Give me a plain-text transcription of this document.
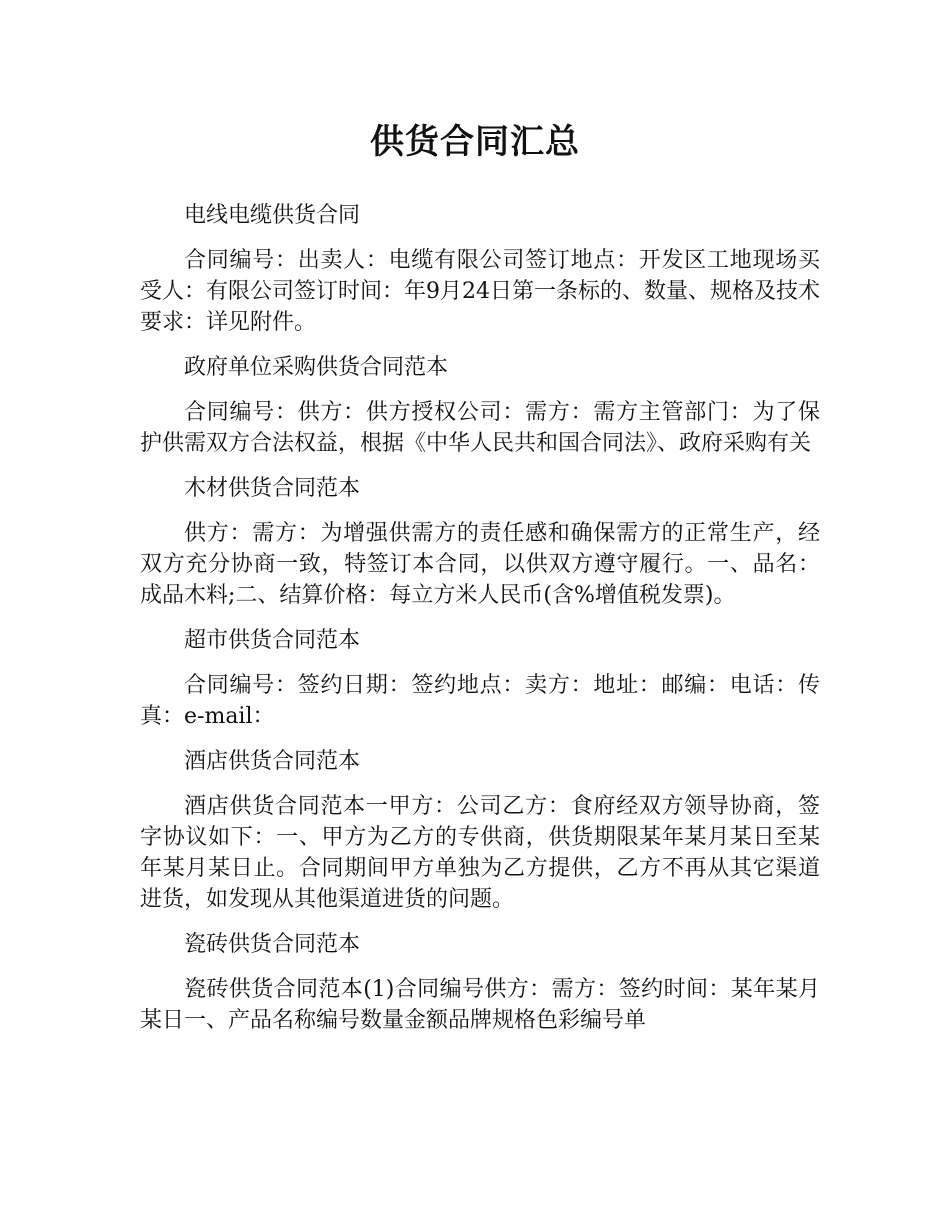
供货合同汇总

电线电缆供货合同

合同编号：出卖人：电缆有限公司签订地点：开发区工地现场买受人：有限公司签订时间：年9月24日第一条标的、数量、规格及技术要求：详见附件。

政府单位采购供货合同范本

合同编号：供方：供方授权公司：需方：需方主管部门：为了保护供需双方合法权益，根据《中华人民共和国合同法》、政府采购有关

木材供货合同范本

供方：需方：为增强供需方的责任感和确保需方的正常生产，经双方充分协商一致，特签订本合同，以供双方遵守履行。一、品名：成品木料;二、结算价格：每立方米人民币(含%增值税发票)。

超市供货合同范本

合同编号：签约日期：签约地点：卖方：地址：邮编：电话：传真：e-mail：

酒店供货合同范本

酒店供货合同范本一甲方：公司乙方：食府经双方领导协商，签字协议如下：一、甲方为乙方的专供商，供货期限某年某月某日至某年某月某日止。合同期间甲方单独为乙方提供，乙方不再从其它渠道进货，如发现从其他渠道进货的问题。

瓷砖供货合同范本

瓷砖供货合同范本(1)合同编号供方：需方：签约时间：某年某月某日一、产品名称编号数量金额品牌规格色彩编号单
